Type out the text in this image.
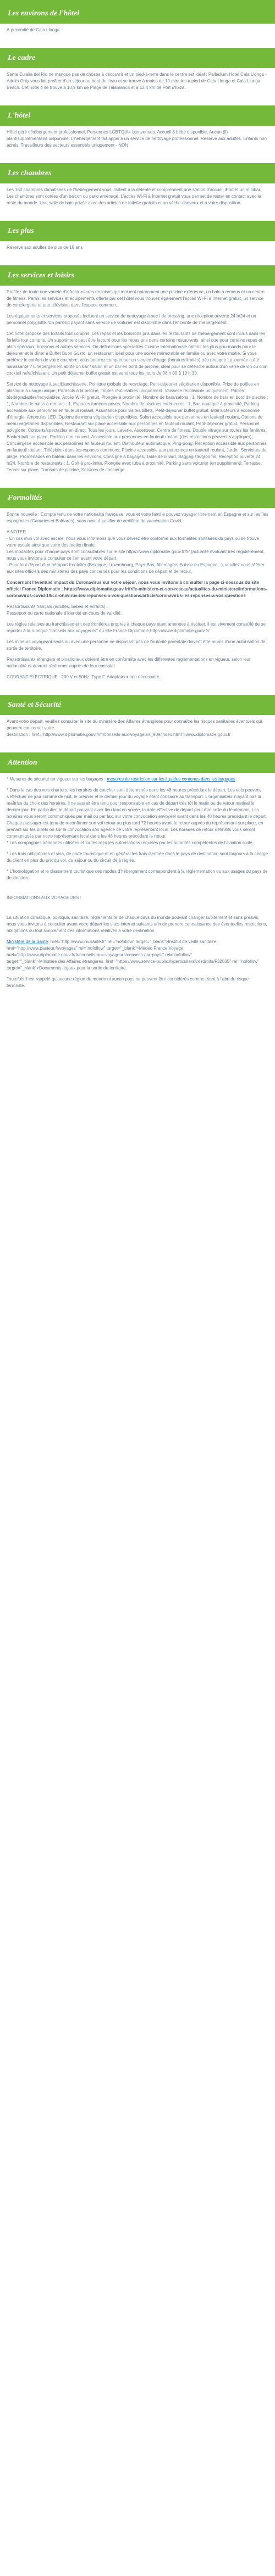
Les environs de l'hôtel

À proximité de Cala Llonga

Le cadre

Santa Eulalia del Rio ne manque pas de choses à découvrir et un pied-à-terre dans le centre est idéal : Palladium Hotel Cala Llonga - Adults Only vous fait profiter d'un séjour au bord de l'eau et se trouve à moins de 10 minutes à pied de Cala Llonga et Cala Llonga Beach. Cet hôtel 4 se trouve à 10,9 km de Plage de Talamanca et à 12,4 km de Port d'Ibiza.

L'hôtel

Hôtel géré d'hébergement professionnel, Personnes LGBTQIA+ bienvenues. Accueil 8 bébé disponible. Aucun (il) plant/supplémentaire disponible. L'hébergement fait appel à un service de nettoyage professionnel. Réservé aux adultes, Enfants non admis, Travailleurs des secteurs essentiels uniquement - NON

Les chambres

Les 150 chambres climatisées de l'hébergement vous invitent à la détente et comprennent une station d'accueil iPod et un minibar. Les chambres sont dotées d'un balcon ou patio aménagé. L'accès Wi-Fi à Internet gratuit vous permet de rester en contact avec le reste du monde. Une salle de bain privée avec des articles de toilette gratuits et un sèche-cheveux et à votre disposition.

Les plus

Réservé aux adultes de plus de 18 ans

Les services et loisirs

Profitez de toute une variété d'infrastructures de loisirs qui incluent notamment une piscine extérieure, un bain à remous et un centre de fitness. Parmi les services et équipements offerts par cet hôtel vous trouvez également l'accès Wi-Fi à Internet gratuit, un service de conciergerie et une télévision dans l'espace commun.

Les équipements et services proposés incluent un service de nettoyage à sec / de pressing, une réception ouverte 24 h/24 et un personnel polyglotte. Un parking payant sans service de voiturier est disponible dans l'enceinte de l'hébergement.

Cet hôtel propose des forfaits tout compris. Les repas et les boissons pris dans les restaurants de l'hébergement sont inclus dans les forfaits tout compris. Un supplément peut être facturé pour les repas pris dans certains restaurants, ainsi que pour certains repas et plats spéciaux, boissons et autres services. On définissons spécialités Cuisine Internationale obtenir les plus gourmands pour le déjeuner et le dîner à Buffet Buon Gusto, un restaurant idéal pour une soirée mémorable en famille ou avec votre moitié. Si vous préférez le confort de votre chambre, vous pourrez compter sur un service d'étage (horaires limités) très pratique La journée a été harassante ? L'hébergement abrite un bar / salon et un bar en bord de piscine, idéal pour se détendre autour d'un verre de vin ou d'un cocktail rafraîchissant. Un petit déjeuner buffet gratuit est servi tous les jours de 08 h 00 à 10 h 30.

Service de nettoyage à sec/blanchisserie, Politique globale de recyclage, Petit-déjeuner végétarien disponible, Prise de poêles en plastique à usage unique, Parasols à la piscine, Toutes réutilisables uniquement, Vaisselle réutilisable uniquement, Pailles biodégradables/recyclables, Accès Wi-Fi gratuit, Plongée à proximité, Nombre de bars/salons : 1, Nombre de bars en bord de piscine : 1, Nombre de bains à remous : 1, Espaces fumeurs privés, Nombre de piscines extérieures : 1, Bar, nautique à proximité, Parking accessible aux personnes en fauteuil roulant, Assistance pour visites/billets, Petit-déjeuner buffet gratuit, Interrupteurs à économie d'énergie, Ampoules LED, Options de menu végétarien disponibles, Salon accessible aux personnes en fauteuil roulant, Options de menu végétarien disponibles, Restaurant sur place accessible aux personnes en fauteuil roulant, Petit-déjeuner gratuit, Personnel polyglotte, Concerts/spectacles en direct, Tous les jours, Laverie, Ascenseur, Centre de fitness, Double vitrage sur toutes les fenêtres, Basket-ball sur place, Parking non couvert, Accessible aux personnes en fauteuil roulant (des restrictions peuvent s'appliquer), Conciergerie accessible aux personnes en fauteuil roulant, Distributeur automatique, Ping-pong, Réception accessible aux personnes en fauteuil roulant, Télévision dans les espaces communs, Piscine accessible aux personnes en fauteuil roulant, Jardin, Serviettes de plage, Promenades en bateau dans les environs, Consigne à bagages, Table de billard, Baggagiste/grooms, Réception ouverte 24 h/24, Nombre de restaurants : 1, Golf à proximité, Plongée avec tuba à proximité, Parking sans voiturier (en supplément), Terrasse, Tennis sur place, Transats de piscine, Services de concierge

Formalités

Bonne nouvelle : Compte tenu de votre nationalité française, vous et votre famille pouvez voyager librement en Espagne et sur les îles espagnoles (Canaries et Baléares), sans avoir à justifier de certificat de vaccination Covid.

A NOTER
- En cas d'un vol avec escale, nous vous informons que vous devrez être conforme aux formalités sanitaires du pays où se trouve votre escale ainsi que votre destination finale.
Les modalités pour chaque pays sont consultables sur le site https://www.diplomatie.gouv.fr/fr/ (actualité évoluant très régulièrement, nous vous invitons à consulter ce lien avant votre départ.
- Pour tout départ d'un aéroport frontalier (Belgique, Luxembourg, Pays-Bas, Allemagne, Suisse ou Espagne...), veuillez vous référer aux sites officiels des ministères des pays concernés pour les conditions de départ et de retour.

Concernant l'éventuel impact du Coronavirus sur votre séjour, nous vous invitons à consulter la page ci-dessous du site officiel France Diplomatie : https://www.diplomatie.gouv.fr/fr/le-ministere-et-son-reseau/actualites-du-ministere/informations-coronavirus-covid-19/coronavirus-les-reponses-a-vos-questions/article/coronavirus-les-reponses-a-vos-questions

Ressortissants français (adultes, bébés et enfants) :
Passeport ou carte nationale d'identité en cours de validité.

Les règles relatives au franchissement des frontières propres à chaque pays étant amenées à évoluer, il est vivement conseillé de se reporter à la rubrique "conseils aux voyageurs" du site France Diplomatie,https://www.diplomatie.gouv.fr/

Les mineurs voyageant seuls ou avec une personne ne disposant pas de l'autorité parentale doivent être munis d'une autorisation de sortie de territoire.

Ressortissants étrangers et binationaux doivent être en conformité avec les différentes réglementations en vigueur, selon leur nationalité et devront s'informer auprès de leur consulat.

COURANT ÉLECTRIQUE : 230 V et 50Hz, Type F. Adaptateur non nécessaire.

Santé et Sécurité

Avant votre départ, veuillez consulter le site du ministère des Affaires étrangères pour connaître les risques sanitaires éventuels qui peuvent concerner votre
destination : href="http://www.diplomatie.gouv.fr/fr/conseils-aux-voyageurs_909/index.html">www.diplomatie.gouv.fr

Attention

* Mesures de sécurité en vigueur sur les bagages : mesures de restriction sur les liquides contenus dans les bagages

* Dans le cas des vols charters, les horaires de coucher sont déterminés dans les 48 heures précédant le départ. Les vols peuvent s'effectuer de jour comme de nuit, le premier et le dernier jour du voyage étant consacré au transport. L'organisateur n'ayant pas la maîtrise du choix des horaires, il ne saurait être tenu pour responsable en cas de départ très tôt le matin ou de retour matinal le dernier jour. En particulier, le départ pouvant avoir lieu tard en soirée, la date effective de départ peut être celle du lendemain. Les horaires vous seront communiqués par mail ou par fax, sur votre convocation envoyée/ avant dans les 48 heures précédant le départ. Chaque passager est tenu de reconfirmer son vol retour au plus tard 72 heures avant le retour auprès du représentant sur place, en prenant sur les billets ou sur la convocation son agence de votre représentant local. Les horaires de retour définitifs vous seront communiqués par notre représentant local dans les 48 heures précédant le retour.
* Les compagnies aériennes utilisées et toutes reçu les autorisations requises par les autorités compétentes de l'aviation civile.

* Les trais obligatoires et visa, de carte touristique et en général les frais d'entrée dans le pays de destination sont toujours à la charge du client en plus du prix du vol, du séjour ou du circuit déjà réglés.

* L'homologation et le classement touristique des modes d'hébergement correspondent à la réglementation ou aux usages du pays de destination.

INFORMATIONS AUX VOYAGEURS :

La situation climatique, politique, sanitaire, réglementaire de chaque pays du monde pouvant changer subitement et sans préavis,
nous vous invitons à consulter avant votre départ les sites internet suivants afin de prendre connaissance des éventuelles restrictions, obligations ou tout simplement des informations relatives à votre destination.

Ministère de la Santé: href="http://www.inv.santé.fr" rel="nofollow" target="_blank">Institut de veille sanitaire,
href="http://www.pasteur.fr/voyages" rel="nofollow" target="_blank">Médeo France Voyage, href="http://www.diplomatie.gouv.fr/fr/conseils-aux-voyageurs/conseils-par-pays/" rel="nofollow"
target="_blank">Ministère des Affaires étrangères, href="https://www.service-public.fr/particuliers/vosdroits/F32835" rel="nofollow"
target="_blank">Documents légaux pour la sortie du territoire.

Toutefois il est rappelé qu'aucune région du monde ni aucun pays ne peuvent être considérés comme étant à l'abri du risque terroriste.
